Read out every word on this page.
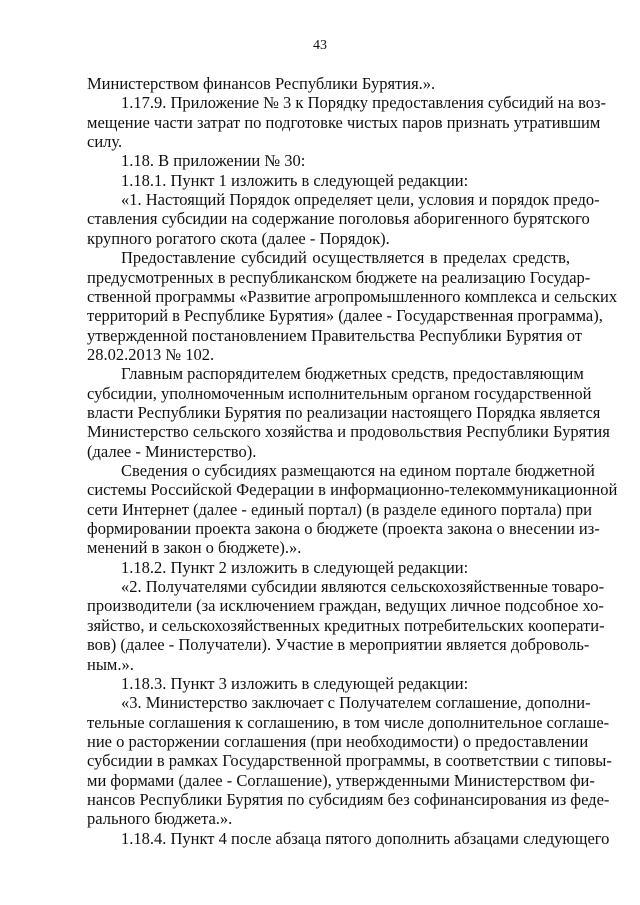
43
Министерством финансов Республики Бурятия.».
1.17.9. Приложение № 3 к Порядку предоставления субсидий на воз-
мещение части затрат по подготовке чистых паров признать утратившим
силу.
1.18. В приложении № 30:
1.18.1. Пункт 1 изложить в следующей редакции:
«1. Настоящий Порядок определяет цели, условия и порядок предо-
ставления субсидии на содержание поголовья аборигенного бурятского
крупного рогатого скота (далее - Порядок).
Предоставление субсидий осуществляется в пределах средств,
предусмотренных в республиканском бюджете на реализацию Государ-
ственной программы «Развитие агропромышленного комплекса и сельских
территорий в Республике Бурятия» (далее - Государственная программа),
утвержденной постановлением Правительства Республики Бурятия от
28.02.2013 № 102.
Главным распорядителем бюджетных средств, предоставляющим
субсидии, уполномоченным исполнительным органом государственной
власти Республики Бурятия по реализации настоящего Порядка является
Министерство сельского хозяйства и продовольствия Республики Бурятия
(далее - Министерство).
Сведения о субсидиях размещаются на едином портале бюджетной
системы Российской Федерации в информационно-телекоммуникационной
сети Интернет (далее - единый портал) (в разделе единого портала) при
формировании проекта закона о бюджете (проекта закона о внесении из-
менений в закон о бюджете).».
1.18.2. Пункт 2 изложить в следующей редакции:
«2. Получателями субсидии являются сельскохозяйственные товаро-
производители (за исключением граждан, ведущих личное подсобное хо-
зяйство, и сельскохозяйственных кредитных потребительских кооперати-
вов) (далее - Получатели). Участие в мероприятии является доброволь-
ным.».
1.18.3. Пункт 3 изложить в следующей редакции:
«3. Министерство заключает с Получателем соглашение, дополни-
тельные соглашения к соглашению, в том числе дополнительное соглаше-
ние о расторжении соглашения (при необходимости) о предоставлении
субсидии в рамках Государственной программы, в соответствии с типовы-
ми формами (далее - Соглашение), утвержденными Министерством фи-
нансов Республики Бурятия по субсидиям без софинансирования из феде-
рального бюджета.».
1.18.4. Пункт 4 после абзаца пятого дополнить абзацами следующего
